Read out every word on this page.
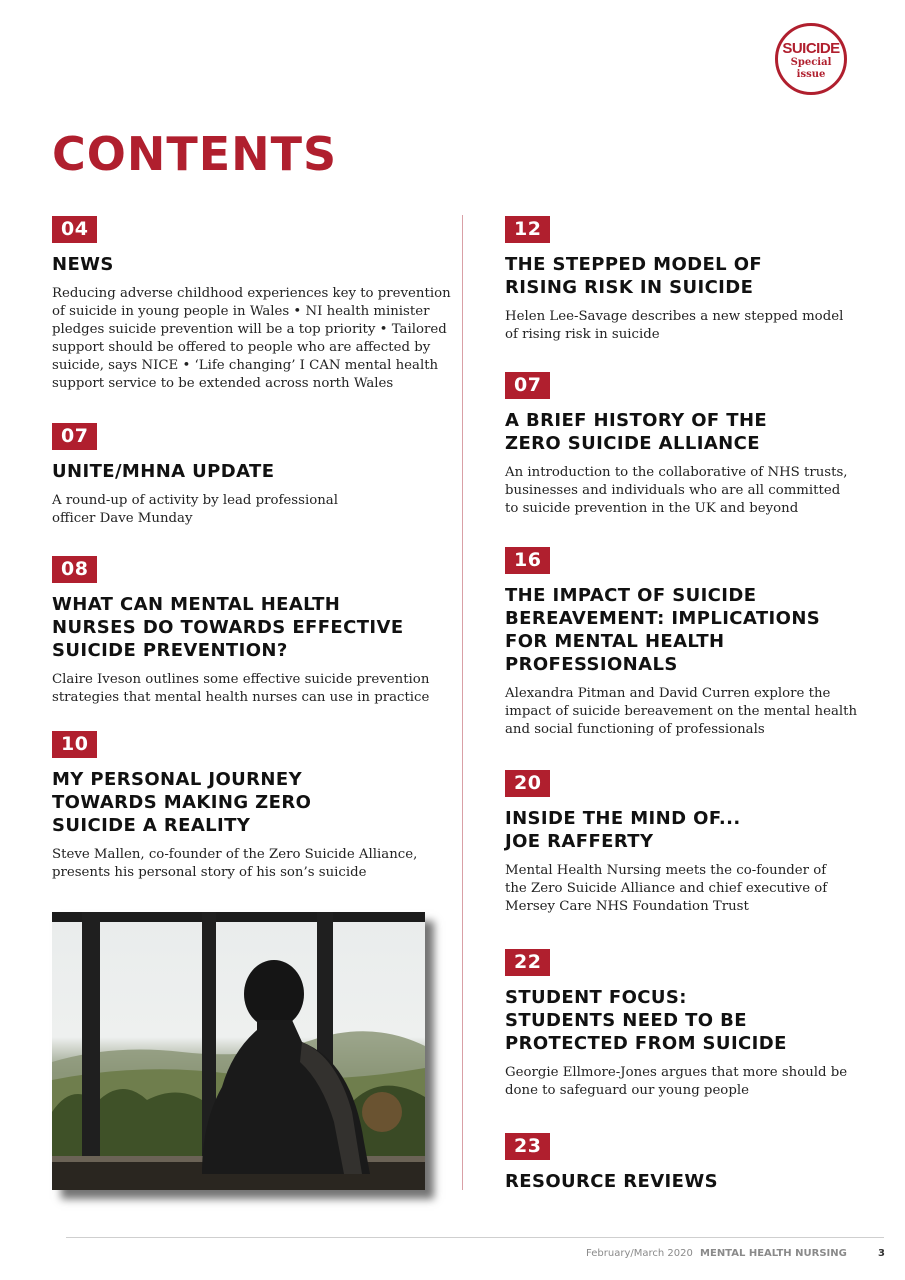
SUICIDE
Special
issue
CONTENTS
04
NEWS
Reducing adverse childhood experiences key to prevention
of suicide in young people in Wales • NI health minister
pledges suicide prevention will be a top priority • Tailored
support should be offered to people who are affected by
suicide, says NICE • ‘Life changing’ I CAN mental health
support service to be extended across north Wales
07
UNITE/MHNA UPDATE
A round-up of activity by lead professional
officer Dave Munday
08
WHAT CAN MENTAL HEALTH
NURSES DO TOWARDS EFFECTIVE
SUICIDE PREVENTION?
Claire Iveson outlines some effective suicide prevention
strategies that mental health nurses can use in practice
10
MY PERSONAL JOURNEY
TOWARDS MAKING ZERO
SUICIDE A REALITY
Steve Mallen, co-founder of the Zero Suicide Alliance,
presents his personal story of his son’s suicide
12
THE STEPPED MODEL OF
RISING RISK IN SUICIDE
Helen Lee-Savage describes a new stepped model
of rising risk in suicide
07
A BRIEF HISTORY OF THE
ZERO SUICIDE ALLIANCE
An introduction to the collaborative of NHS trusts,
businesses and individuals who are all committed
to suicide prevention in the UK and beyond
16
THE IMPACT OF SUICIDE
BEREAVEMENT: IMPLICATIONS
FOR MENTAL HEALTH
PROFESSIONALS
Alexandra Pitman and David Curren explore the
impact of suicide bereavement on the mental health
and social functioning of professionals
20
INSIDE THE MIND OF...
JOE RAFFERTY
Mental Health Nursing meets the co-founder of
the Zero Suicide Alliance and chief executive of
Mersey Care NHS Foundation Trust
22
STUDENT FOCUS:
STUDENTS NEED TO BE
PROTECTED FROM SUICIDE
Georgie Ellmore-Jones argues that more should be
done to safeguard our young people
23
RESOURCE REVIEWS
February/March 2020 MENTAL HEALTH NURSING	3
